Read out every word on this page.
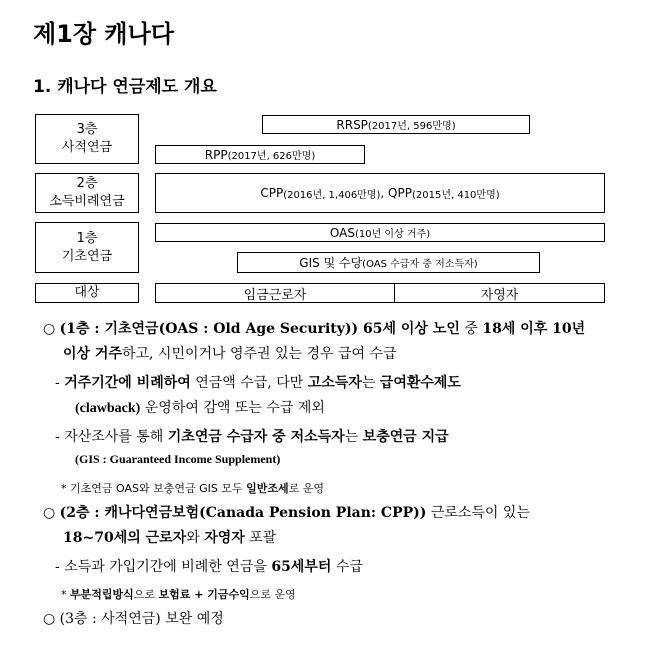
제1장 캐나다
1. 캐나다 연금제도 개요
3층
사적연금
2층
소득비례연금
1층
기초연금
대상
RRSP (2017년, 596만명)
RPP (2017년, 626만명)
CPP (2016년, 1,406만명) , QPP (2015년, 410만명)
OAS (10년 이상 거주)
GIS 및 수당 (OAS 수급자 중 저소득자)
임금근로자	자영자
○ (1층 : 기초연금(OAS : Old Age Security)) 65세 이상 노인 중 18세 이후 10년
이상 거주하고, 시민이거나 영주권 있는 경우 급여 수급
- 거주기간에 비례하여 연금액 수급, 다만 고소득자는 급여환수제도
(clawback) 운영하여 감액 또는 수급 제외
- 자산조사를 통해 기초연금 수급자 중 저소득자는 보충연금 지급
(GIS : Guaranteed Income Supplement)
* 기초연금 OAS와 보충연금 GIS 모두 일반조세로 운영
○ (2층 : 캐나다연금보험(Canada Pension Plan: CPP)) 근로소득이 있는
18~70세의 근로자와 자영자 포괄
- 소득과 가입기간에 비례한 연금을 65세부터 수급
* 부분적립방식으로 보험료 + 기금수익으로 운영
○ (3층 : 사적연금) 보완 예정
